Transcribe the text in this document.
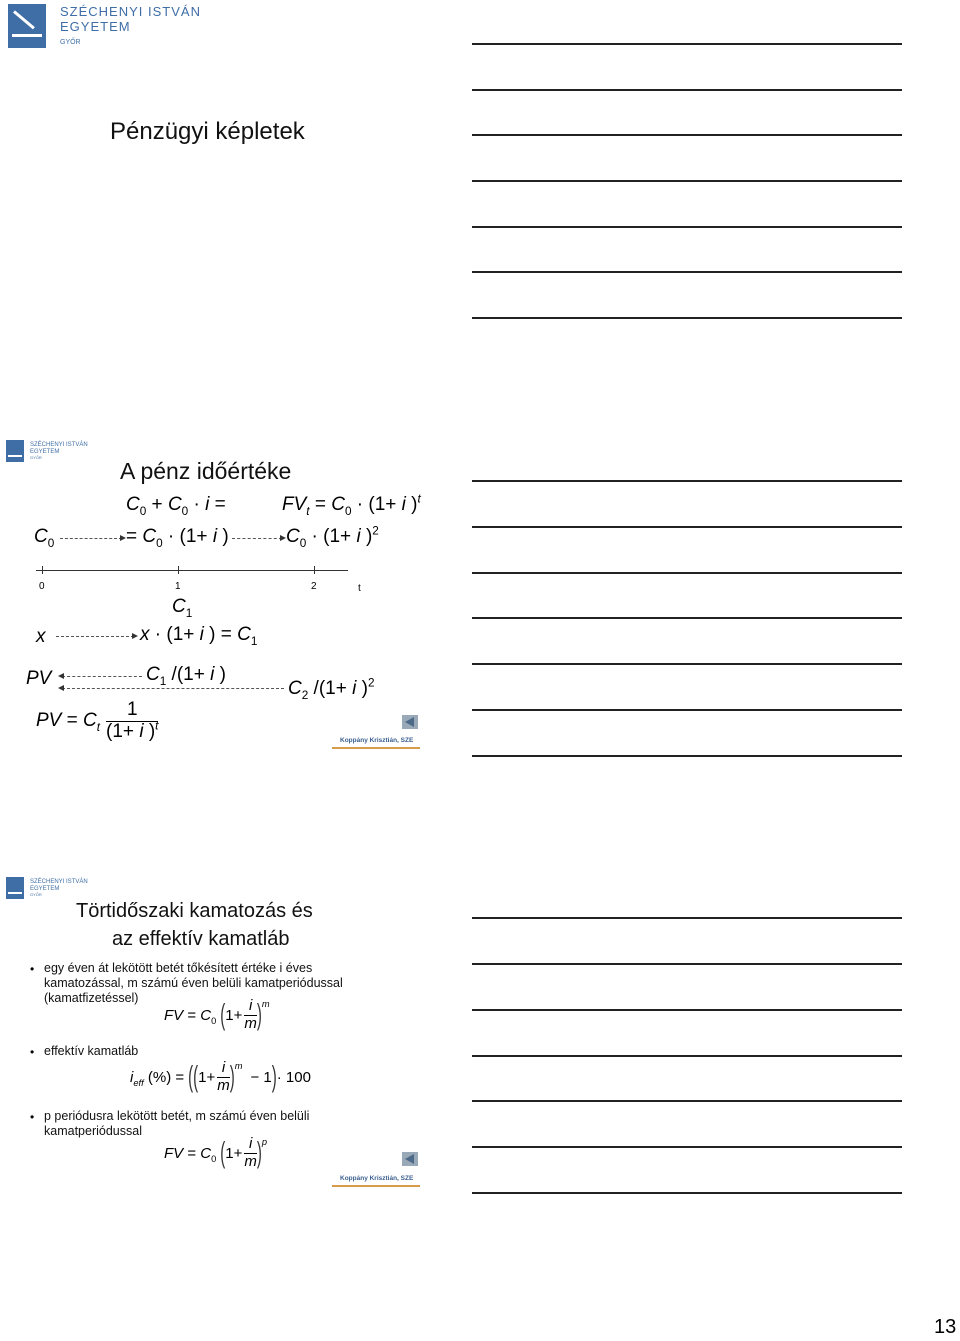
SZÉCHENYI ISTVÁN
EGYETEM
GYŐR
Pénzügyi képletek
SZÉCHENYI ISTVÁN
EGYETEM
GYŐR
A pénz időértéke
$C_0 + C_0 \cdot i$ =	$FV_t = C_0 \cdot (1+ i$ )$^t$
$C_0$	= $C_0 \cdot (1+ i$ )	$C_0 \cdot (1+ i$ )$^2$
0	1	2	t
$C_1$
x	x · (1+ i ) = $C_1$
PV	$C_1$ /(1+ i )
$C_2$ /(1+ i )$^2$
PV = $C_t \frac{1}{(1+ i )^t}$	Koppány Krisztián, SZE
SZÉCHENYI ISTVÁN
EGYETEM
GYŐR
Törtidőszaki kamatozás és
az effektív kamatláb
• egy éven át lekötött betét tőkésített értéke i éves kamatozással, m számú éven belüli kamatperiódussal (kamatfizetéssel)
FV = $C_0$ ( $1+ \frac{i}{m}$ ) m
• effektív kamatláb
$i_{eff}$ (%) = ( ( $1+ \frac{i}{m}$ ) m
− 1 ) · 100
• p periódusra lekötött betét, m számú éven belüli kamatperiódussal
FV = $C_0$ ( $1+ \frac{i}{m}$ ) p
Koppány Krisztián, SZE
13
